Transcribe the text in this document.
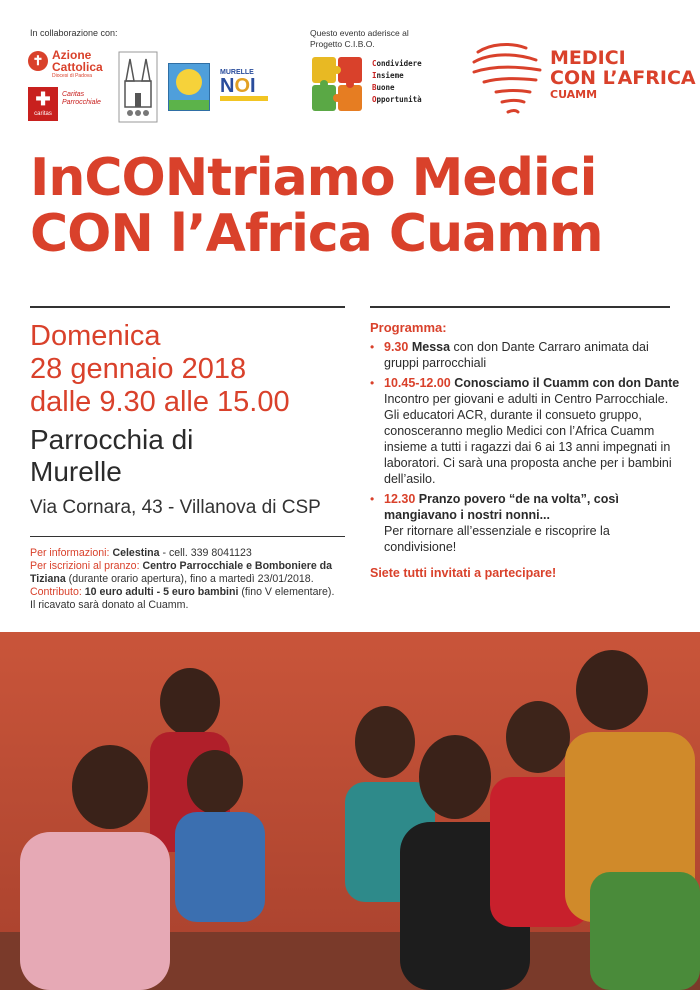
In collaborazione con:
✝ Azione
Cattolica
Diocesi di Padova
✚
caritas
Caritas Parrocchiale
MURELLE
NOI
Questo evento aderisce al
Progetto C.I.B.O.
Condividere
Insieme
Buone
Opportunità
MEDICI
CON L’AFRICA
CUAMM
InCONtriamo Medici
CON l’Africa Cuamm
Domenica
28 gennaio 2018
dalle 9.30 alle 15.00
Parrocchia di
Murelle
Via Cornara, 43 - Villanova di CSP
Per informazioni: Celestina - cell. 339 8041123
Per iscrizioni al pranzo: Centro Parrocchiale e Bomboniere da Tiziana (durante orario apertura), fino a martedì 23/01/2018.
Contributo: 10 euro adulti - 5 euro bambini (fino V elementare).
Il ricavato sarà donato al Cuamm.
Programma:
• 9.30 Messa con don Dante Carraro animata dai gruppi parrocchiali
• 10.45-12.00 Conosciamo il Cuamm con don Dante
Incontro per giovani e adulti in Centro Parrocchiale. Gli educatori ACR, durante il consueto gruppo, conosceranno meglio Medici con l’Africa Cuamm insieme a tutti i ragazzi dai 6 ai 13 anni impegnati in laboratori. Ci sarà una proposta anche per i bambini dell’asilo.
• 12.30 Pranzo povero “de na volta”, così mangiavano i nostri nonni...
Per ritornare all’essenziale e riscoprire la condivisione!
Siete tutti invitati a partecipare!
